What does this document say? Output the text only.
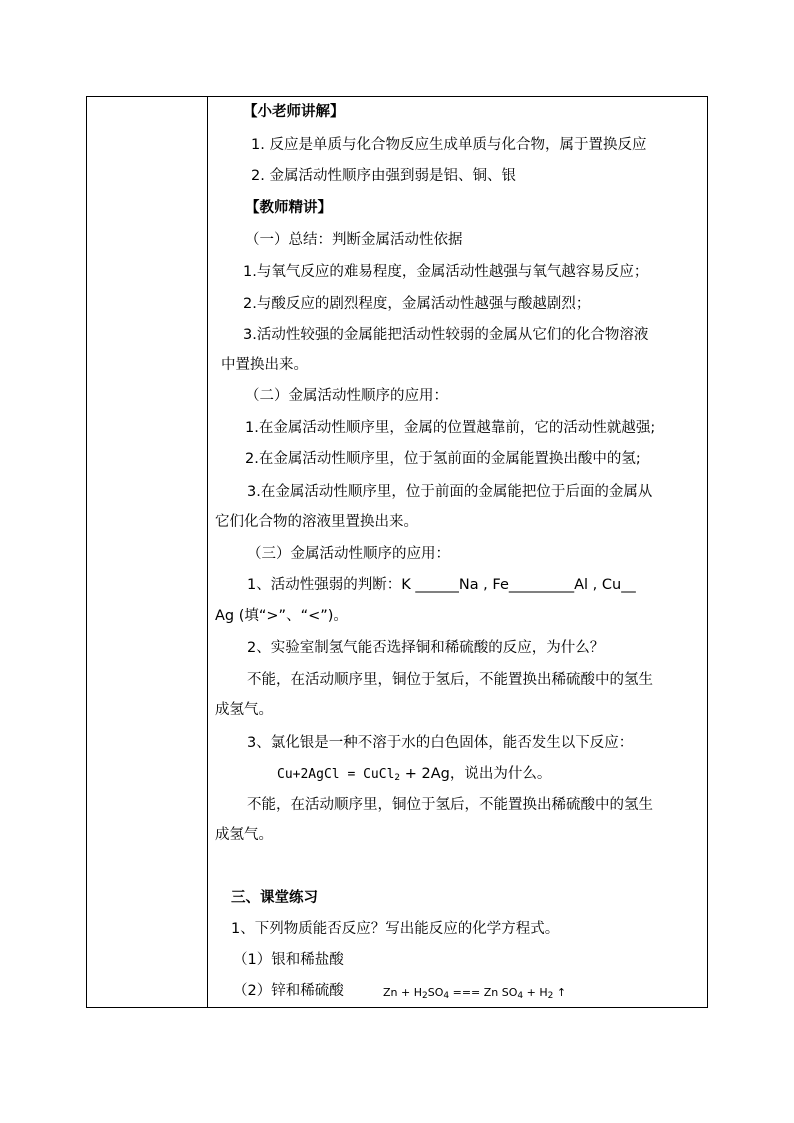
【小老师讲解】
1. 反应是单质与化合物反应生成单质与化合物，属于置换反应
2. 金属活动性顺序由强到弱是铝、铜、银
【教师精讲】
（一）总结：判断金属活动性依据
1.与氧气反应的难易程度，金属活动性越强与氧气越容易反应；
2.与酸反应的剧烈程度，金属活动性越强与酸越剧烈；
3.活动性较强的金属能把活动性较弱的金属从它们的化合物溶液
中置换出来。
（二）金属活动性顺序的应用：
1.在金属活动性顺序里，金属的位置越靠前，它的活动性就越强;
2.在金属活动性顺序里，位于氢前面的金属能置换出酸中的氢;
3.在金属活动性顺序里，位于前面的金属能把位于后面的金属从
它们化合物的溶液里置换出来。
（三）金属活动性顺序的应用：
1、活动性强弱的判断：K ______Na , Fe_________Al , Cu__
Ag (填“>”、“<”)。
2、实验室制氢气能否选择铜和稀硫酸的反应，为什么？
不能，在活动顺序里，铜位于氢后，不能置换出稀硫酸中的氢生
成氢气。
3、氯化银是一种不溶于水的白色固体，能否发生以下反应：
Cu+2AgCl = CuCl$_2$ + 2Ag，说出为什么。
不能，在活动顺序里，铜位于氢后，不能置换出稀硫酸中的氢生
成氢气。
三、课堂练习
1、下列物质能否反应？写出能反应的化学方程式。
（1）银和稀盐酸
（2）锌和稀硫酸	$Zn + H_2SO_4$ === Zn $SO_4 + H_2$ ↑
